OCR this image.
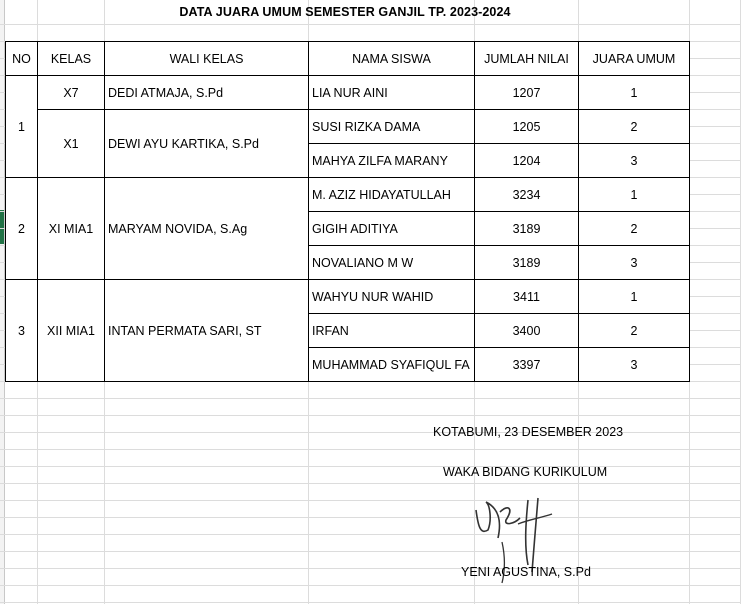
DATA JUARA UMUM SEMESTER GANJIL TP. 2023-2024
NO	KELAS	WALI KELAS	NAMA SISWA	JUMLAH NILAI	JUARA UMUM
1	X7	DEDI ATMAJA, S.Pd	LIA NUR AINI	1207	1
	X1	DEWI AYU KARTIKA, S.Pd	SUSI RIZKA DAMA	1205	2
			MAHYA ZILFA MARANY	1204	3
2	XI MIA1	MARYAM NOVIDA, S.Ag	M. AZIZ HIDAYATULLAH	3234	1
			GIGIH ADITIYA	3189	2
			NOVALIANO M W	3189	3
3	XII MIA1	INTAN PERMATA SARI, ST	WAHYU NUR WAHID	3411	1
			IRFAN	3400	2
			MUHAMMAD SYAFIQUL FA	3397	3
KOTABUMI, 23 DESEMBER 2023
WAKA BIDANG KURIKULUM
YENI AGUSTINA, S.Pd
